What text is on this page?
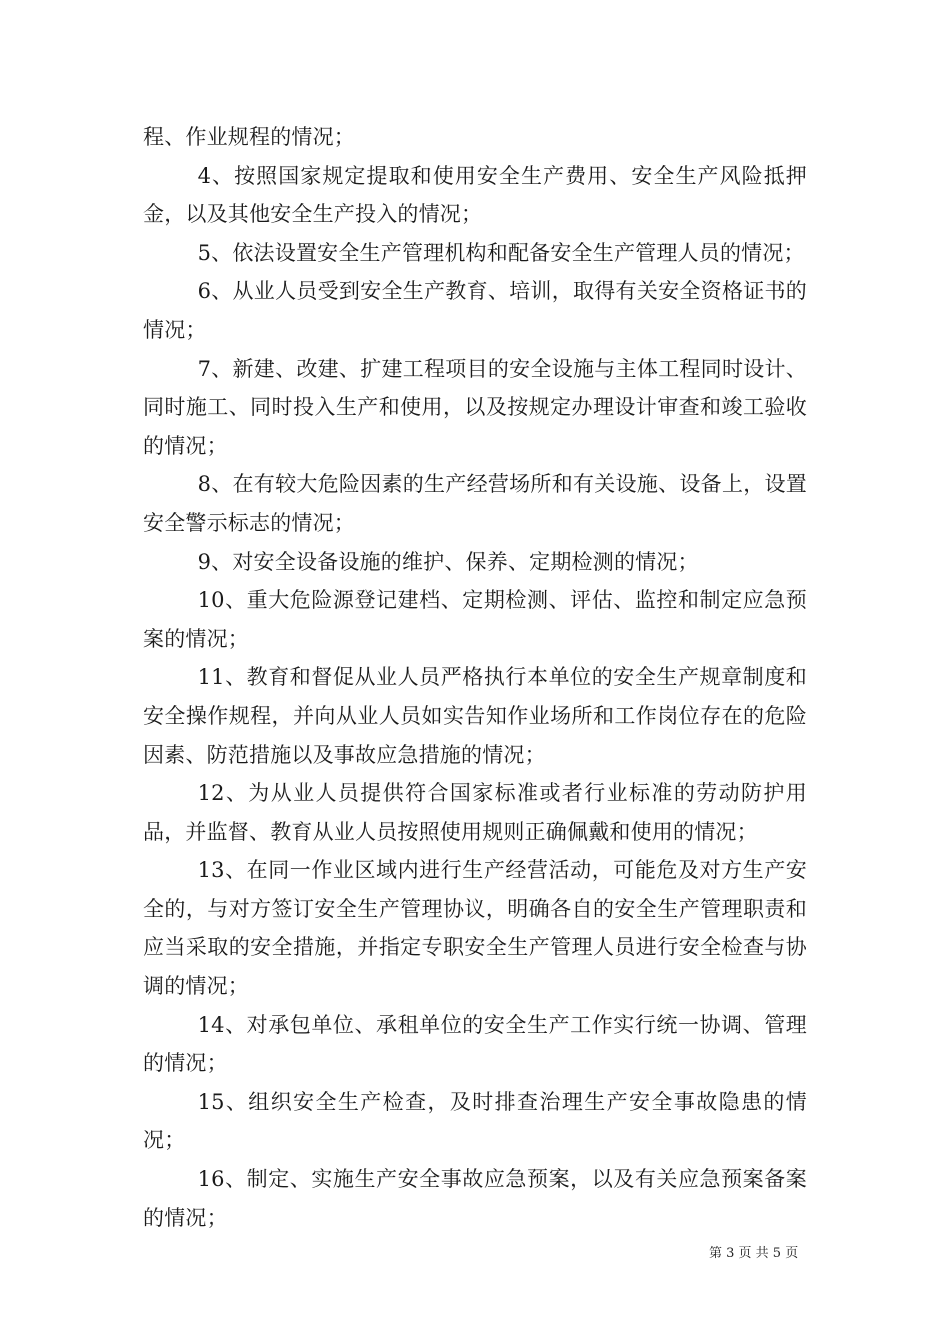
程、作业规程的情况；

4、按照国家规定提取和使用安全生产费用、安全生产风险抵押金，以及其他安全生产投入的情况；

5、依法设置安全生产管理机构和配备安全生产管理人员的情况；

6、从业人员受到安全生产教育、培训，取得有关安全资格证书的情况；

7、新建、改建、扩建工程项目的安全设施与主体工程同时设计、同时施工、同时投入生产和使用，以及按规定办理设计审查和竣工验收的情况；

8、在有较大危险因素的生产经营场所和有关设施、设备上，设置安全警示标志的情况；

9、对安全设备设施的维护、保养、定期检测的情况；

10、重大危险源登记建档、定期检测、评估、监控和制定应急预案的情况；

11、教育和督促从业人员严格执行本单位的安全生产规章制度和安全操作规程，并向从业人员如实告知作业场所和工作岗位存在的危险因素、防范措施以及事故应急措施的情况；

12、为从业人员提供符合国家标准或者行业标准的劳动防护用品，并监督、教育从业人员按照使用规则正确佩戴和使用的情况；

13、在同一作业区域内进行生产经营活动，可能危及对方生产安全的，与对方签订安全生产管理协议，明确各自的安全生产管理职责和应当采取的安全措施，并指定专职安全生产管理人员进行安全检查与协调的情况；

14、对承包单位、承租单位的安全生产工作实行统一协调、管理的情况；

15、组织安全生产检查，及时排查治理生产安全事故隐患的情况；

16、制定、实施生产安全事故应急预案，以及有关应急预案备案的情况；

第 3 页 共 5 页
